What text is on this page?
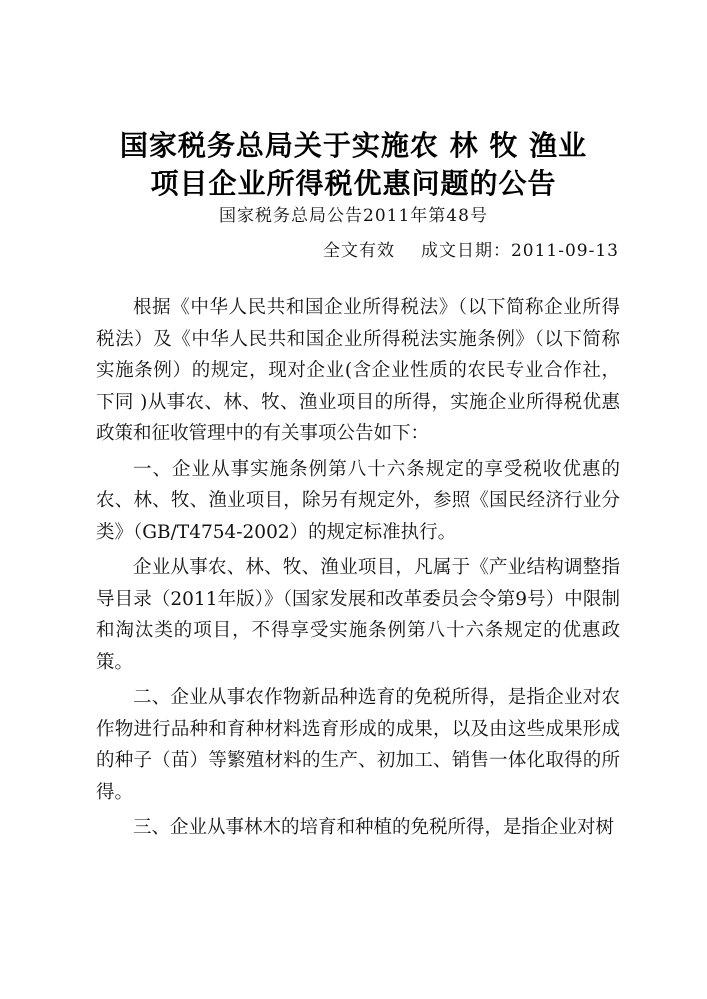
国家税务总局关于实施农 林 牧 渔业
项目企业所得税优惠问题的公告
国家税务总局公告2011年第48号
全文有效 成文日期：2011-09-13

根据《中华人民共和国企业所得税法》（以下简称企业所得税法）及《中华人民共和国企业所得税法实施条例》（以下简称实施条例）的规定，现对企业(含企业性质的农民专业合作社，下同 )从事农、林、牧、渔业项目的所得，实施企业所得税优惠政策和征收管理中的有关事项公告如下：

一、企业从事实施条例第八十六条规定的享受税收优惠的农、林、牧、渔业项目，除另有规定外，参照《国民经济行业分类》（GB/T4754-2002）的规定标准执行。

企业从事农、林、牧、渔业项目，凡属于《产业结构调整指导目录（2011年版）》（国家发展和改革委员会令第9号）中限制和淘汰类的项目，不得享受实施条例第八十六条规定的优惠政策。

二、企业从事农作物新品种选育的免税所得，是指企业对农作物进行品种和育种材料选育形成的成果，以及由这些成果形成的种子（苗）等繁殖材料的生产、初加工、销售一体化取得的所得。

三、企业从事林木的培育和种植的免税所得，是指企业对树
